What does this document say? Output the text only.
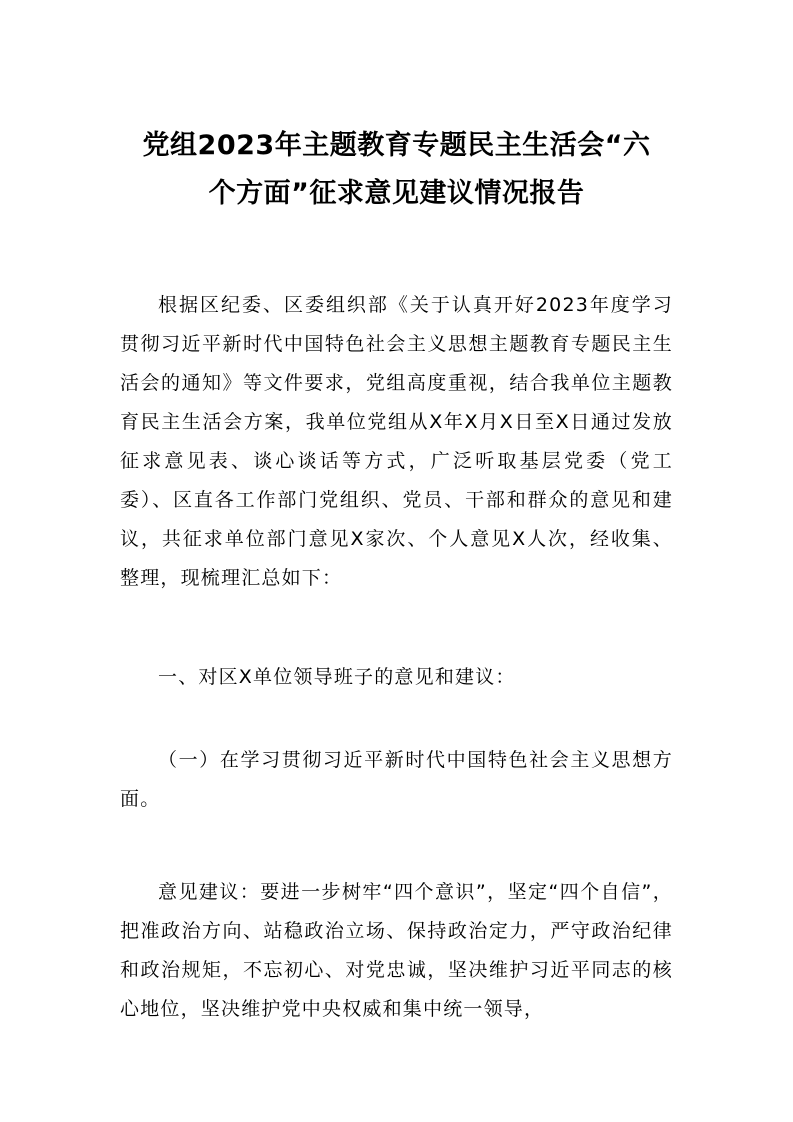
党组2023年主题教育专题民主生活会“六
个方面”征求意见建议情况报告

根据区纪委、区委组织部《关于认真开好2023年度学习贯彻习近平新时代中国特色社会主义思想主题教育专题民主生活会的通知》等文件要求，党组高度重视，结合我单位主题教育民主生活会方案，我单位党组从X年X月X日至X日通过发放征求意见表、谈心谈话等方式，广泛听取基层党委（党工委）、区直各工作部门党组织、党员、干部和群众的意见和建议，共征求单位部门意见X家次、个人意见X人次，经收集、整理，现梳理汇总如下：

一、对区X单位领导班子的意见和建议：

（一）在学习贯彻习近平新时代中国特色社会主义思想方面。

意见建议：要进一步树牢“四个意识”，坚定“四个自信”，把准政治方向、站稳政治立场、保持政治定力，严守政治纪律和政治规矩，不忘初心、对党忠诚，坚决维护习近平同志的核心地位，坚决维护党中央权威和集中统一领导，
